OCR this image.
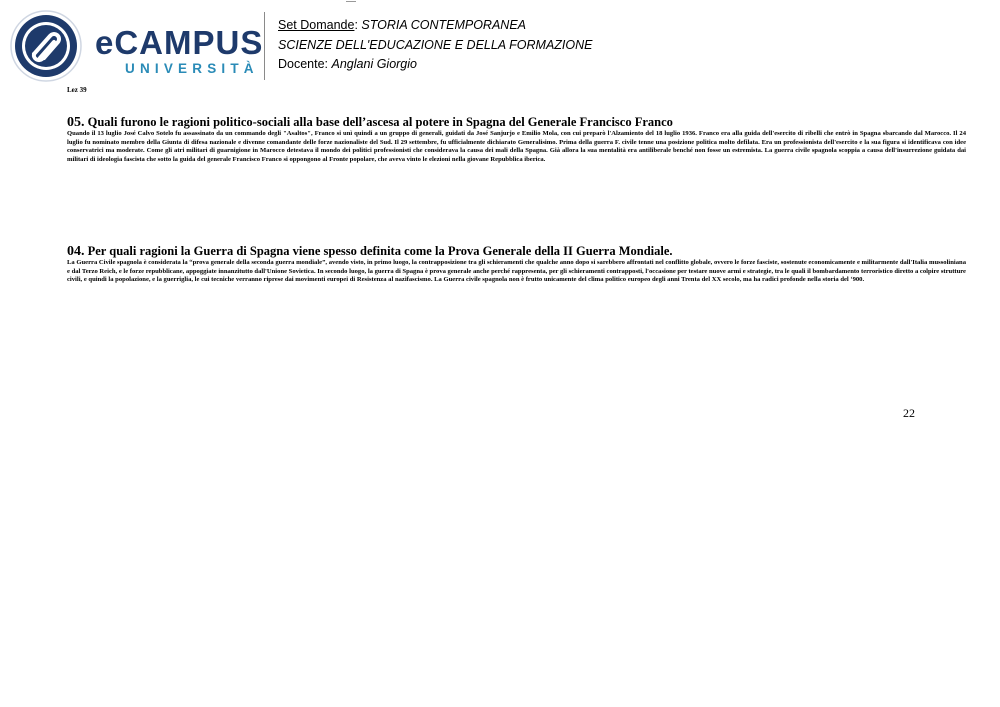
eCAMPUS
UNIVERSITÀ
Set Domande: STORIA CONTEMPORANEA
SCIENZE DELL'EDUCAZIONE E DELLA FORMAZIONE
Docente: Anglani Giorgio
Lez 39
05. Quali furono le ragioni politico-sociali alla base dell’ascesa al potere in Spagna del Generale Francisco Franco

Quando il 13 luglio José Calvo Sotelo fu assassinato da un commando degli "Asaltos", Franco si unì quindi a un gruppo di generali, guidati da José Sanjurjo e Emilio Mola, con cui preparò l'Alzamiento del 18 luglio 1936. Franco era alla guida dell'esercito di ribelli che entrò in Spagna sbarcando dal Marocco. Il 24 luglio fu nominato membro della Giunta di difesa nazionale e divenne comandante delle forze nazionaliste del Sud. Il 29 settembre, fu ufficialmente dichiarato Generalisimo. Prima della guerra F. civile tenne una posizione politica molto defilata. Era un professionista dell'esercito e la sua figura si identificava con idee conservatrici ma moderate. Come gli atri militari di guarnigione in Marocco detestava il mondo dei politici professionisti che considerava la causa dei mali della Spagna. Già allora la sua mentalità era antiliberale benché non fosse un estremista. La guerra civile spagnola scoppia a causa dell'insurrezione guidata dai militari di ideologia fascista che sotto la guida del generale Francisco Franco si oppongono al Fronte popolare, che aveva vinto le elezioni nella giovane Repubblica iberica.

04. Per quali ragioni la Guerra di Spagna viene spesso definita come la Prova Generale della II Guerra Mondiale.

La Guerra Civile spagnola è considerata la “prova generale della seconda guerra mondiale”, avendo visto, in primo luogo, la contrapposizione tra gli schieramenti che qualche anno dopo si sarebbero affrontati nel conflitto globale, ovvero le forze fasciste, sostenute economicamente e militarmente dall'Italia mussoliniana e dal Terzo Reich, e le forze repubblicane, appoggiate innanzitutto dall'Unione Sovietica. In secondo luogo, la guerra di Spagna è prova generale anche perché rappresenta, per gli schieramenti contrapposti, l'occasione per testare nuove armi e strategie, tra le quali il bombardamento terroristico diretto a colpire strutture civili, e quindi la popolazione, e la guerriglia, le cui tecniche verranno riprese dai movimenti europei di Resistenza al nazifascismo. La Guerra civile spagnola non è frutto unicamente del clima politico europeo degli anni Trenta del XX secolo, ma ha radici profonde nella storia del ‘900.

22
